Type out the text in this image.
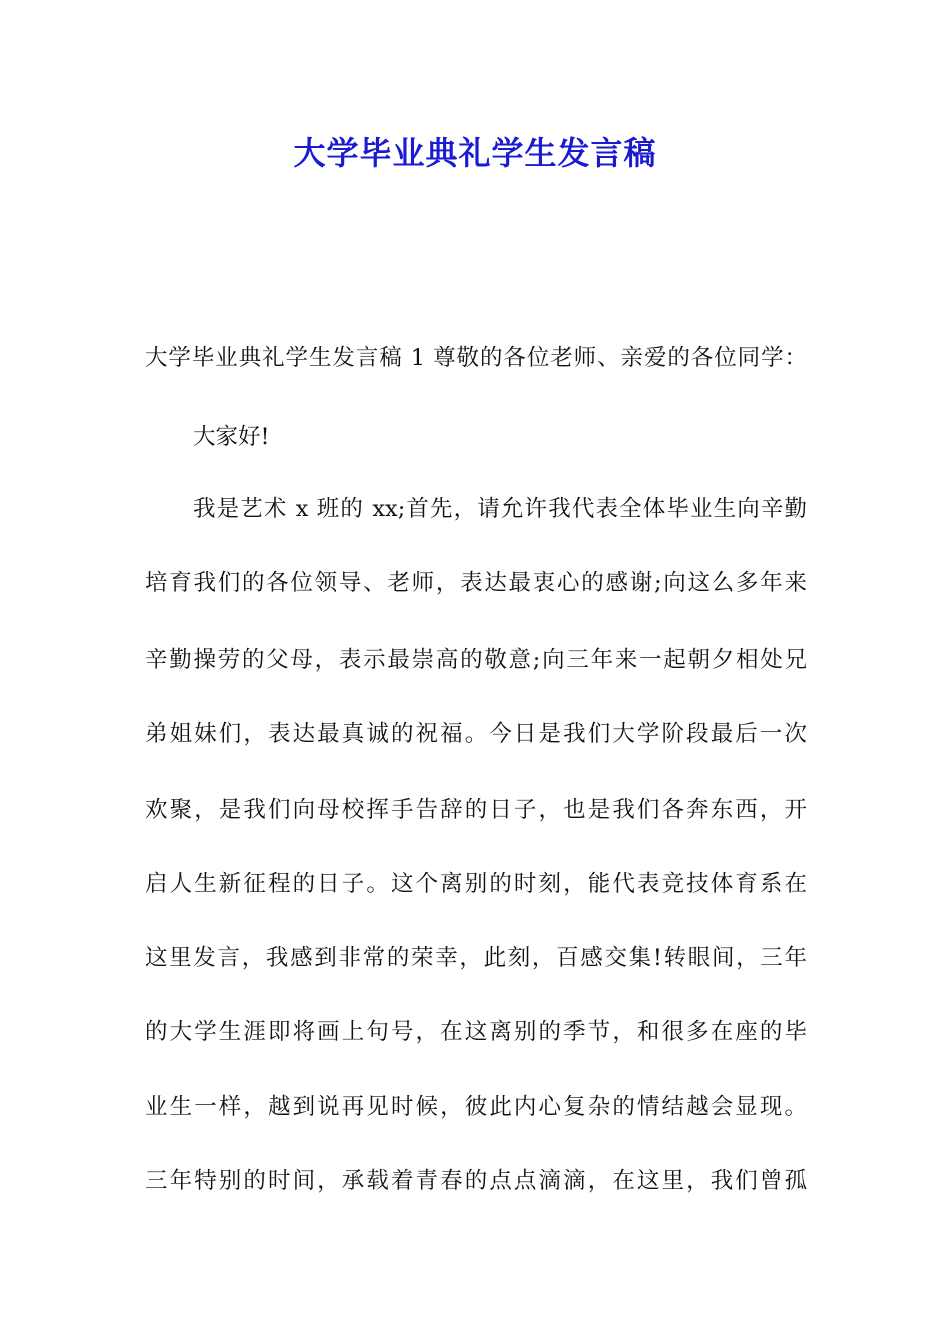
大学毕业典礼学生发言稿
大学毕业典礼学生发言稿 1 尊敬的各位老师、亲爱的各位同学：
大家好!
我是艺术 x 班的 xx;首先，请允许我代表全体毕业生向辛勤
培育我们的各位领导、老师，表达最衷心的感谢;向这么多年来
辛勤操劳的父母，表示最崇高的敬意;向三年来一起朝夕相处兄
弟姐妹们，表达最真诚的祝福。今日是我们大学阶段最后一次
欢聚，是我们向母校挥手告辞的日子，也是我们各奔东西，开
启人生新征程的日子。这个离别的时刻，能代表竞技体育系在
这里发言，我感到非常的荣幸，此刻，百感交集!转眼间，三年
的大学生涯即将画上句号，在这离别的季节，和很多在座的毕
业生一样，越到说再见时候，彼此内心复杂的情结越会显现。
三年特别的时间，承载着青春的点点滴滴，在这里，我们曾孤
